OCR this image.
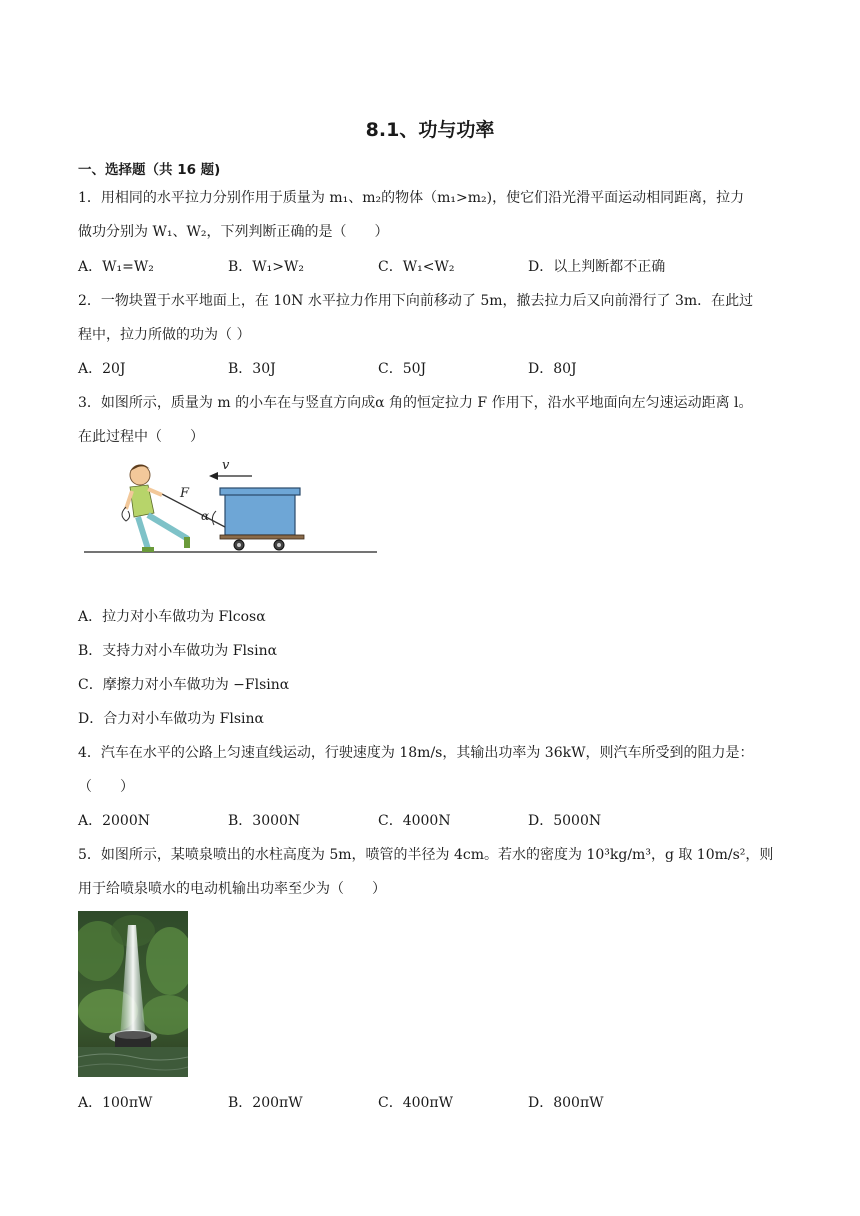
8.1、功与功率
一、选择题（共 16 题)
1．用相同的水平拉力分别作用于质量为 m₁、m₂的物体（m₁>m₂)，使它们沿光滑平面运动相同距离，拉力
做功分别为 W₁、W₂，下列判断正确的是（　　）
A．W₁=W₂	B．W₁>W₂	C．W₁<W₂	D．以上判断都不正确
2．一物块置于水平地面上，在 10N 水平拉力作用下向前移动了 5m，撤去拉力后又向前滑行了 3m．在此过
程中，拉力所做的功为（ ）
A．20J	B．30J	C．50J	D．80J
3．如图所示，质量为 m 的小车在与竖直方向成α 角的恒定拉力 F 作用下，沿水平地面向左匀速运动距离 l。
在此过程中（　　）
v
F
α
A．拉力对小车做功为 Flcosα
B．支持力对小车做功为 Flsinα
C．摩擦力对小车做功为 −Flsinα
D．合力对小车做功为 Flsinα
4．汽车在水平的公路上匀速直线运动，行驶速度为 18m/s，其输出功率为 36kW，则汽车所受到的阻力是：
（　　）
A．2000N	B．3000N	C．4000N	D．5000N
5．如图所示，某喷泉喷出的水柱高度为 5m，喷管的半径为 4cm。若水的密度为 10³kg/m³，g 取 10m/s²，则
用于给喷泉喷水的电动机输出功率至少为（　　）
A．100πW	B．200πW	C．400πW	D．800πW
